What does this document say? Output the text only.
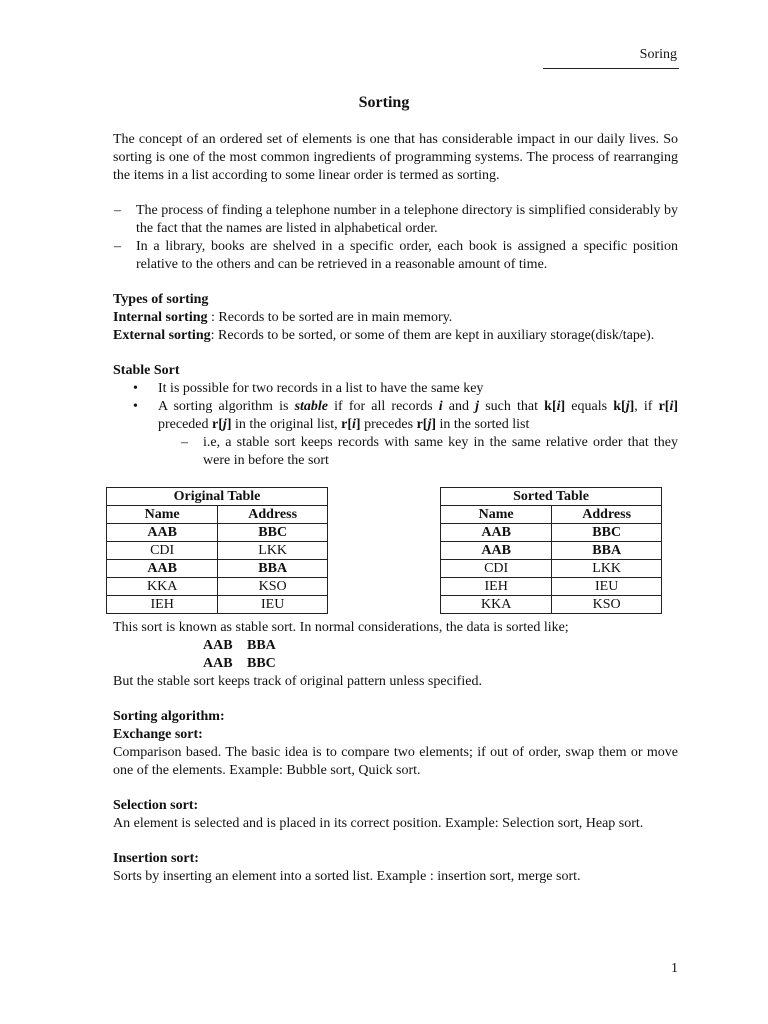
Soring
Sorting

The concept of an ordered set of elements is one that has considerable impact in our daily lives. So sorting is one of the most common ingredients of programming systems. The process of rearranging the items in a list according to some linear order is termed as sorting.

– The process of finding a telephone number in a telephone directory is simplified considerably by the fact that the names are listed in alphabetical order.
– In a library, books are shelved in a specific order, each book is assigned a specific position relative to the others and can be retrieved in a reasonable amount of time.

Types of sorting

Internal sorting : Records to be sorted are in main memory.

External sorting: Records to be sorted, or some of them are kept in auxiliary storage(disk/tape).

Stable Sort

• It is possible for two records in a list to have the same key
• A sorting algorithm is stable if for all records i and j such that k[i] equals k[j], if r[i] preceded r[j] in the original list, r[i] precedes r[j] in the sorted list
– i.e, a stable sort keeps records with same key in the same relative order that they were in before the sort
Original Table	
Name	Address
AAB	BBC
CDI	LKK
AAB	BBA
KKA	KSO
IEH	IEU
Sorted Table	
Name	Address
AAB	BBC
AAB	BBA
CDI	LKK
IEH	IEU
KKA	KSO

This sort is known as stable sort. In normal considerations, the data is sorted like;

AAB BBA

AAB BBC

But the stable sort keeps track of original pattern unless specified.

Sorting algorithm:

Exchange sort:

Comparison based. The basic idea is to compare two elements; if out of order, swap them or move one of the elements. Example: Bubble sort, Quick sort.

Selection sort:

An element is selected and is placed in its correct position. Example: Selection sort, Heap sort.

Insertion sort:

Sorts by inserting an element into a sorted list. Example : insertion sort, merge sort.

1
